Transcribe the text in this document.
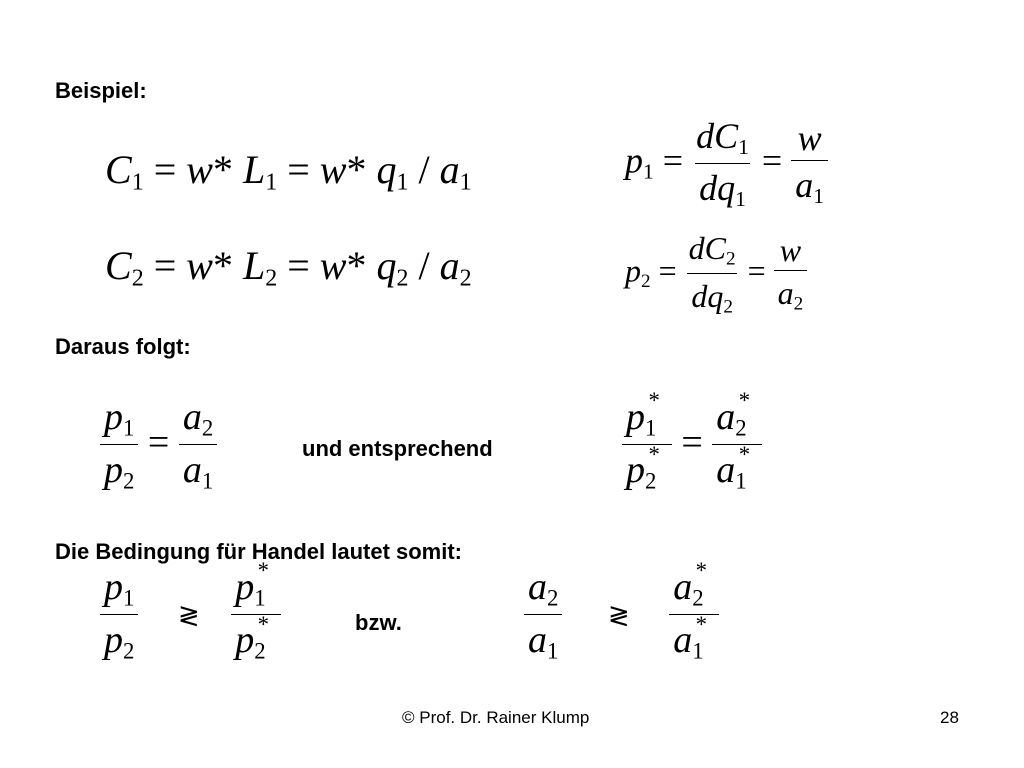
Beispiel:
Daraus folgt:
und entsprechend
Die Bedingung für Handel lautet somit:
bzw.
$C_1 = w*$ $L_1 = w*$ $q_1 / a_1$
$C_2 = w*$ $L_2 = w*$ $q_2 / a_2$
$p_1 = \frac{dC_1}{dq_1} = \frac{w}{a_1}$
$p_2 = \frac{dC_2}{dq_2} = \frac{w}{a_2}$
$\frac{p_1}{p_2} = \frac{a_2}{a_1}$	$\frac{p_1^*}{p_2^*} = \frac{a_2^*}{a_1^*}$
$\frac{p_1}{p_2}$ ≷ $\frac{p_1^*}{p_2^*}$	$\frac{a_2}{a_1}$ ≷ $\frac{a_2^*}{a_1^*}$
© Prof. Dr. Rainer Klump	28
